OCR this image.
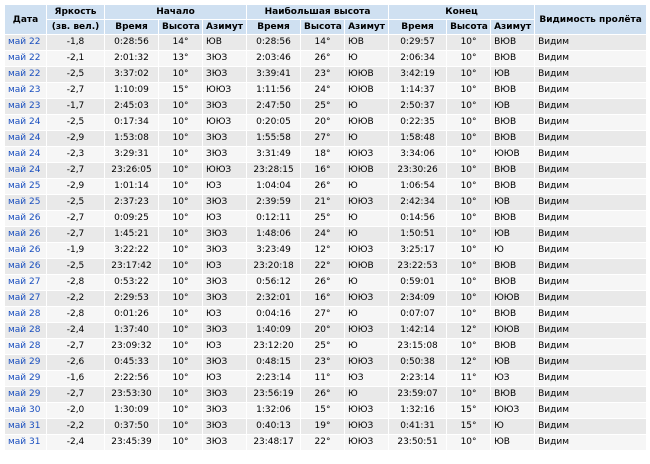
Дата	Яркость	Начало			Наибольшая высота			Конец			Видимость пролёта
	(зв. вел.)	Время	Высота	Азимут	Время	Высота	Азимут	Время	Высота	Азимут	
май 22	-1,8	0:28:56	14°	ЮВ	0:28:56	14°	ЮВ	0:29:57	10°	ВЮВ	Видим
май 22	-2,1	2:01:32	13°	ЗЮЗ	2:03:46	26°	Ю	2:06:34	10°	ВЮВ	Видим
май 22	-2,5	3:37:02	10°	ЗЮЗ	3:39:41	23°	ЮЮВ	3:42:19	10°	ЮВ	Видим
май 23	-2,7	1:10:09	15°	ЮЮЗ	1:11:56	24°	ЮЮВ	1:14:37	10°	ВЮВ	Видим
май 23	-1,7	2:45:03	10°	ЗЮЗ	2:47:50	25°	Ю	2:50:37	10°	ЮВ	Видим
май 24	-2,5	0:17:34	10°	ЮЮЗ	0:20:05	20°	ЮЮВ	0:22:35	10°	ВЮВ	Видим
май 24	-2,9	1:53:08	10°	ЗЮЗ	1:55:58	27°	Ю	1:58:48	10°	ВЮВ	Видим
май 24	-2,3	3:29:31	10°	ЗЮЗ	3:31:49	18°	ЮЮЗ	3:34:06	10°	ЮЮВ	Видим
май 24	-2,7	23:26:05	10°	ЮЮЗ	23:28:15	16°	ЮЮВ	23:30:26	10°	ВЮВ	Видим
май 25	-2,9	1:01:14	10°	ЮЗ	1:04:04	26°	Ю	1:06:54	10°	ВЮВ	Видим
май 25	-2,5	2:37:23	10°	ЗЮЗ	2:39:59	21°	ЮЮЗ	2:42:34	10°	ЮВ	Видим
май 26	-2,7	0:09:25	10°	ЮЗ	0:12:11	25°	Ю	0:14:56	10°	ВЮВ	Видим
май 26	-2,7	1:45:21	10°	ЗЮЗ	1:48:06	24°	Ю	1:50:51	10°	ЮВ	Видим
май 26	-1,9	3:22:22	10°	ЗЮЗ	3:23:49	12°	ЮЮЗ	3:25:17	10°	Ю	Видим
май 26	-2,5	23:17:42	10°	ЮЗ	23:20:18	22°	ЮЮВ	23:22:53	10°	ВЮВ	Видим
май 27	-2,8	0:53:22	10°	ЗЮЗ	0:56:12	26°	Ю	0:59:01	10°	ВЮВ	Видим
май 27	-2,2	2:29:53	10°	ЗЮЗ	2:32:01	16°	ЮЮЗ	2:34:09	10°	ЮЮВ	Видим
май 28	-2,8	0:01:26	10°	ЮЗ	0:04:16	27°	Ю	0:07:07	10°	ВЮВ	Видим
май 28	-2,4	1:37:40	10°	ЗЮЗ	1:40:09	20°	ЮЮЗ	1:42:14	12°	ЮЮВ	Видим
май 28	-2,7	23:09:32	10°	ЮЗ	23:12:20	25°	Ю	23:15:08	10°	ВЮВ	Видим
май 29	-2,6	0:45:33	10°	ЗЮЗ	0:48:15	23°	ЮЮЗ	0:50:38	12°	ЮВ	Видим
май 29	-1,6	2:22:56	10°	ЮЗ	2:23:14	11°	ЮЗ	2:23:14	11°	ЮЗ	Видим
май 29	-2,7	23:53:30	10°	ЗЮЗ	23:56:19	26°	Ю	23:59:07	10°	ВЮВ	Видим
май 30	-2,0	1:30:09	10°	ЗЮЗ	1:32:06	15°	ЮЮЗ	1:32:16	15°	ЮЮЗ	Видим
май 31	-2,2	0:37:50	10°	ЗЮЗ	0:40:13	19°	ЮЮЗ	0:41:31	15°	Ю	Видим
май 31	-2,4	23:45:39	10°	ЗЮЗ	23:48:17	22°	ЮЮЗ	23:50:51	10°	ЮВ	Видим
